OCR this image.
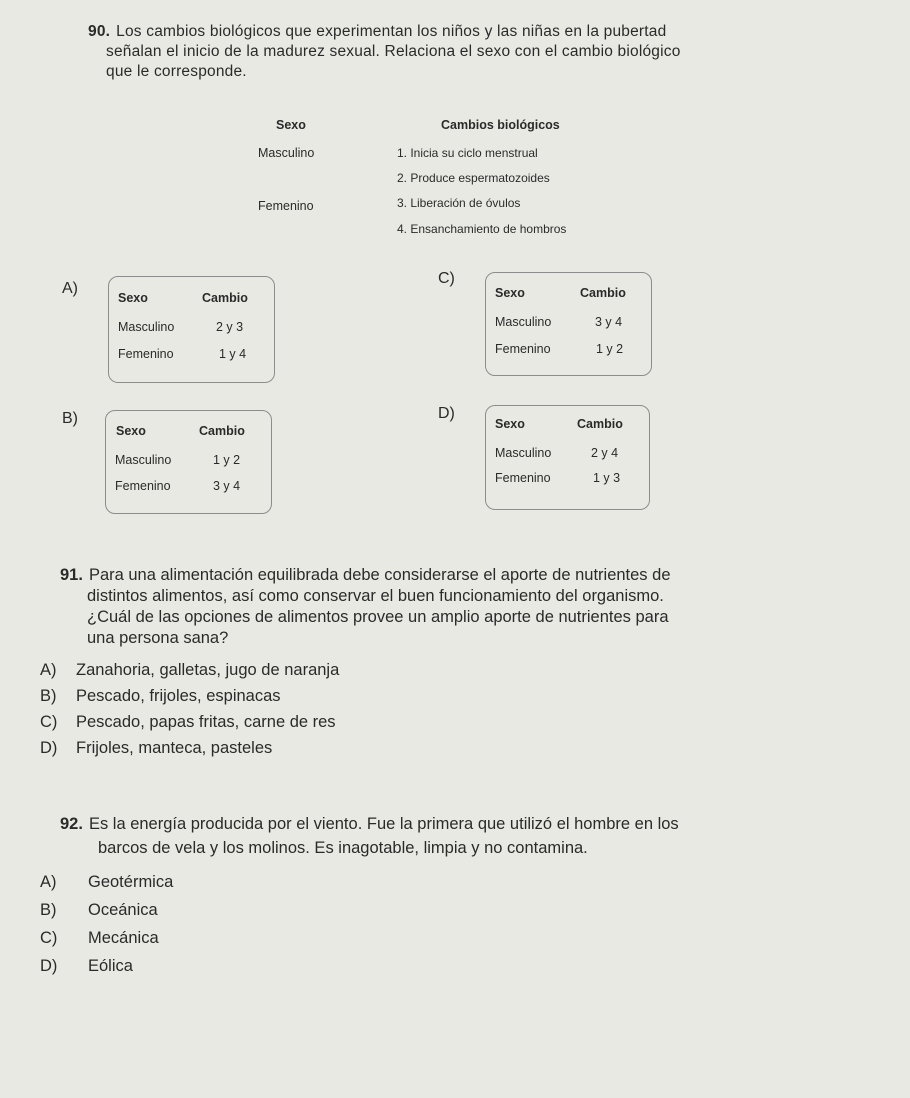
90. Los cambios biológicos que experimentan los niños y las niñas en la pubertad
señalan el inicio de la madurez sexual. Relaciona el sexo con el cambio biológico
que le corresponde.
Sexo	Cambios biológicos
Masculino
Femenino
1. Inicia su ciclo menstrual
2. Produce espermatozoides
3. Liberación de óvulos
4. Ensanchamiento de hombros
A)
Sexo	Cambio
Masculino	2 y 3
Femenino	1 y 4
B)
Sexo	Cambio
Masculino	1 y 2
Femenino	3 y 4
C)
Sexo	Cambio
Masculino	3 y 4
Femenino	1 y 2
D)
Sexo	Cambio
Masculino	2 y 4
Femenino	1 y 3
91. Para una alimentación equilibrada debe considerarse el aporte de nutrientes de
distintos alimentos, así como conservar el buen funcionamiento del organismo.
¿Cuál de las opciones de alimentos provee un amplio aporte de nutrientes para
una persona sana?
A)	Zanahoria, galletas, jugo de naranja
B)	Pescado, frijoles, espinacas
C)	Pescado, papas fritas, carne de res
D)	Frijoles, manteca, pasteles
92. Es la energía producida por el viento. Fue la primera que utilizó el hombre en los
barcos de vela y los molinos. Es inagotable, limpia y no contamina.
A)	Geotérmica
B)	Oceánica
C)	Mecánica
D)	Eólica
